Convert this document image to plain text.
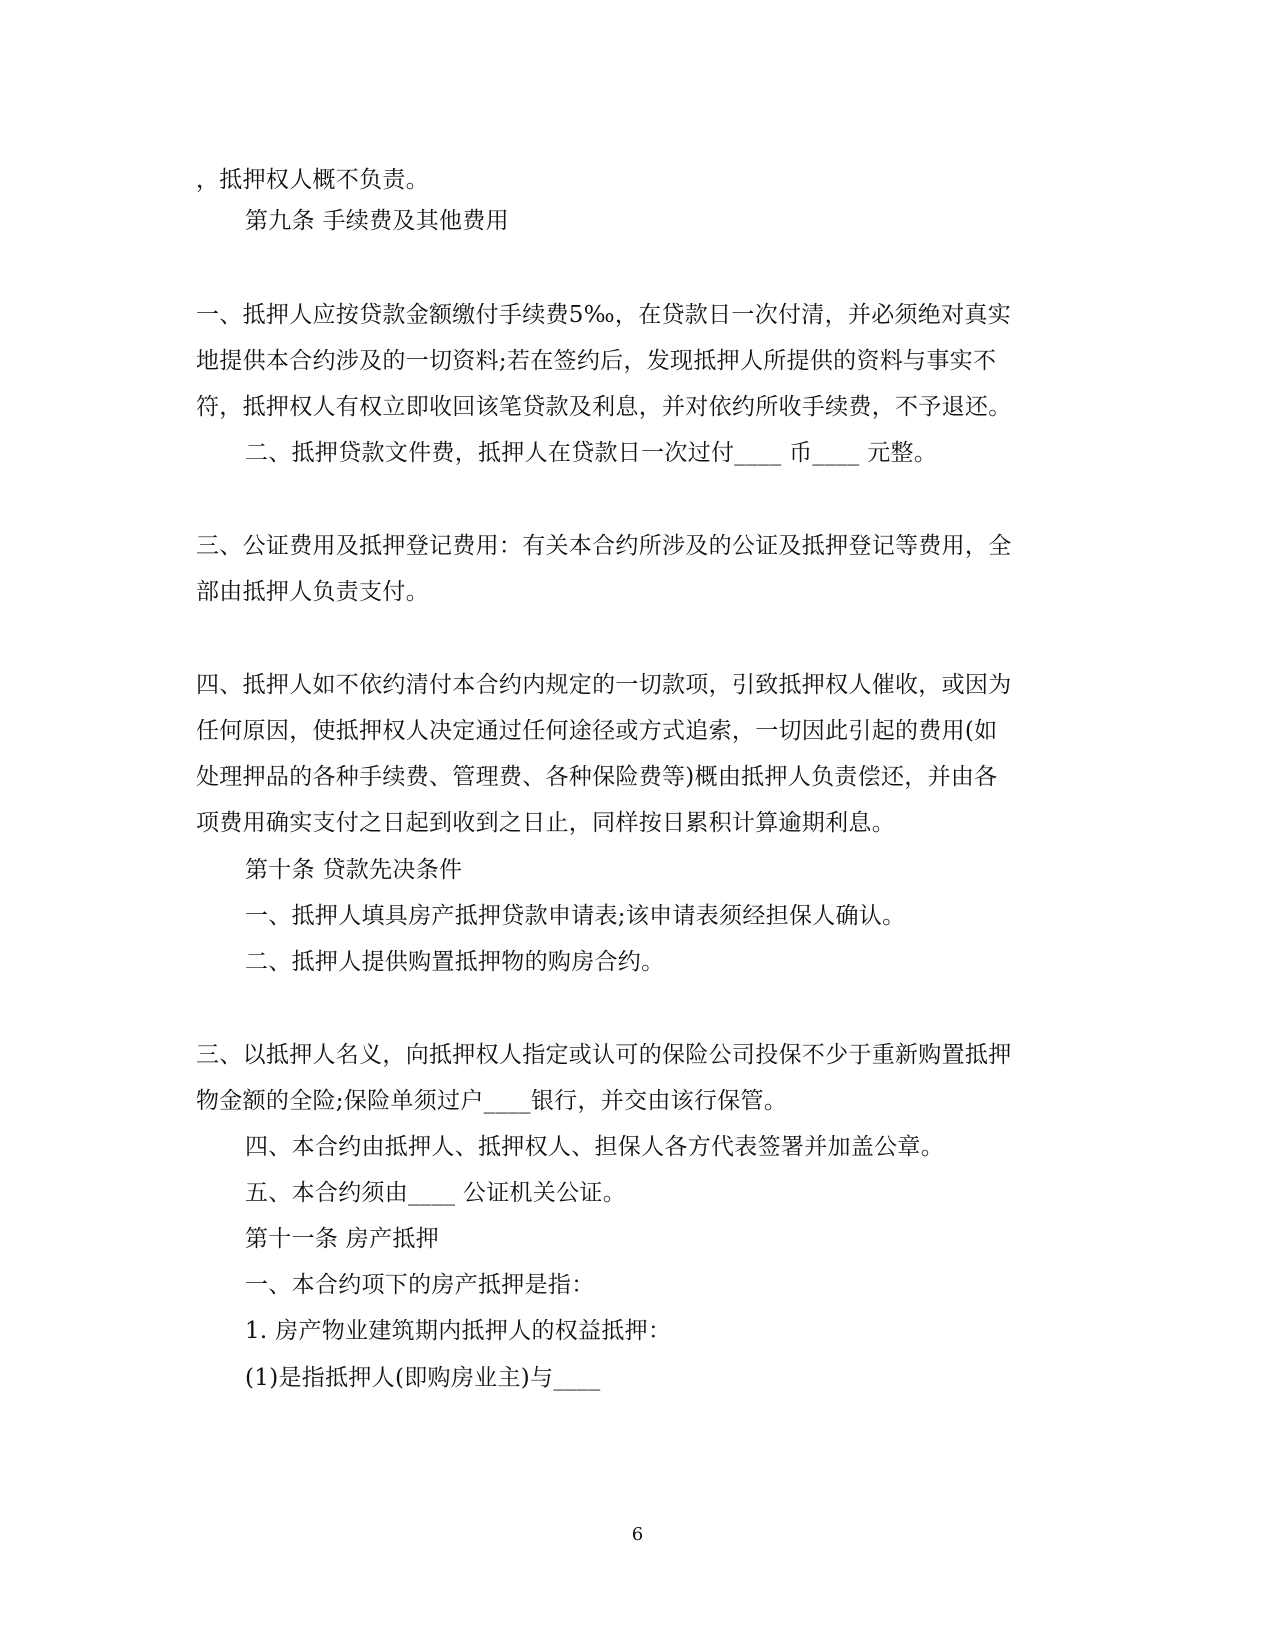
，抵押权人概不负责。
第九条 手续费及其他费用
一、抵押人应按贷款金额缴付手续费5‰，在贷款日一次付清，并必须绝对真实
地提供本合约涉及的一切资料;若在签约后，发现抵押人所提供的资料与事实不
符，抵押权人有权立即收回该笔贷款及利息，并对依约所收手续费，不予退还。
二、抵押贷款文件费，抵押人在贷款日一次过付____ 币____ 元整。
三、公证费用及抵押登记费用：有关本合约所涉及的公证及抵押登记等费用，全
部由抵押人负责支付。
四、抵押人如不依约清付本合约内规定的一切款项，引致抵押权人催收，或因为
任何原因，使抵押权人决定通过任何途径或方式追索，一切因此引起的费用(如
处理押品的各种手续费、管理费、各种保险费等)概由抵押人负责偿还，并由各
项费用确实支付之日起到收到之日止，同样按日累积计算逾期利息。
第十条 贷款先决条件
一、抵押人填具房产抵押贷款申请表;该申请表须经担保人确认。
二、抵押人提供购置抵押物的购房合约。
三、以抵押人名义，向抵押权人指定或认可的保险公司投保不少于重新购置抵押
物金额的全险;保险单须过户____银行，并交由该行保管。
四、本合约由抵押人、抵押权人、担保人各方代表签署并加盖公章。
五、本合约须由____ 公证机关公证。
第十一条 房产抵押
一、本合约项下的房产抵押是指：
1. 房产物业建筑期内抵押人的权益抵押：
(1)是指抵押人(即购房业主)与____
6
